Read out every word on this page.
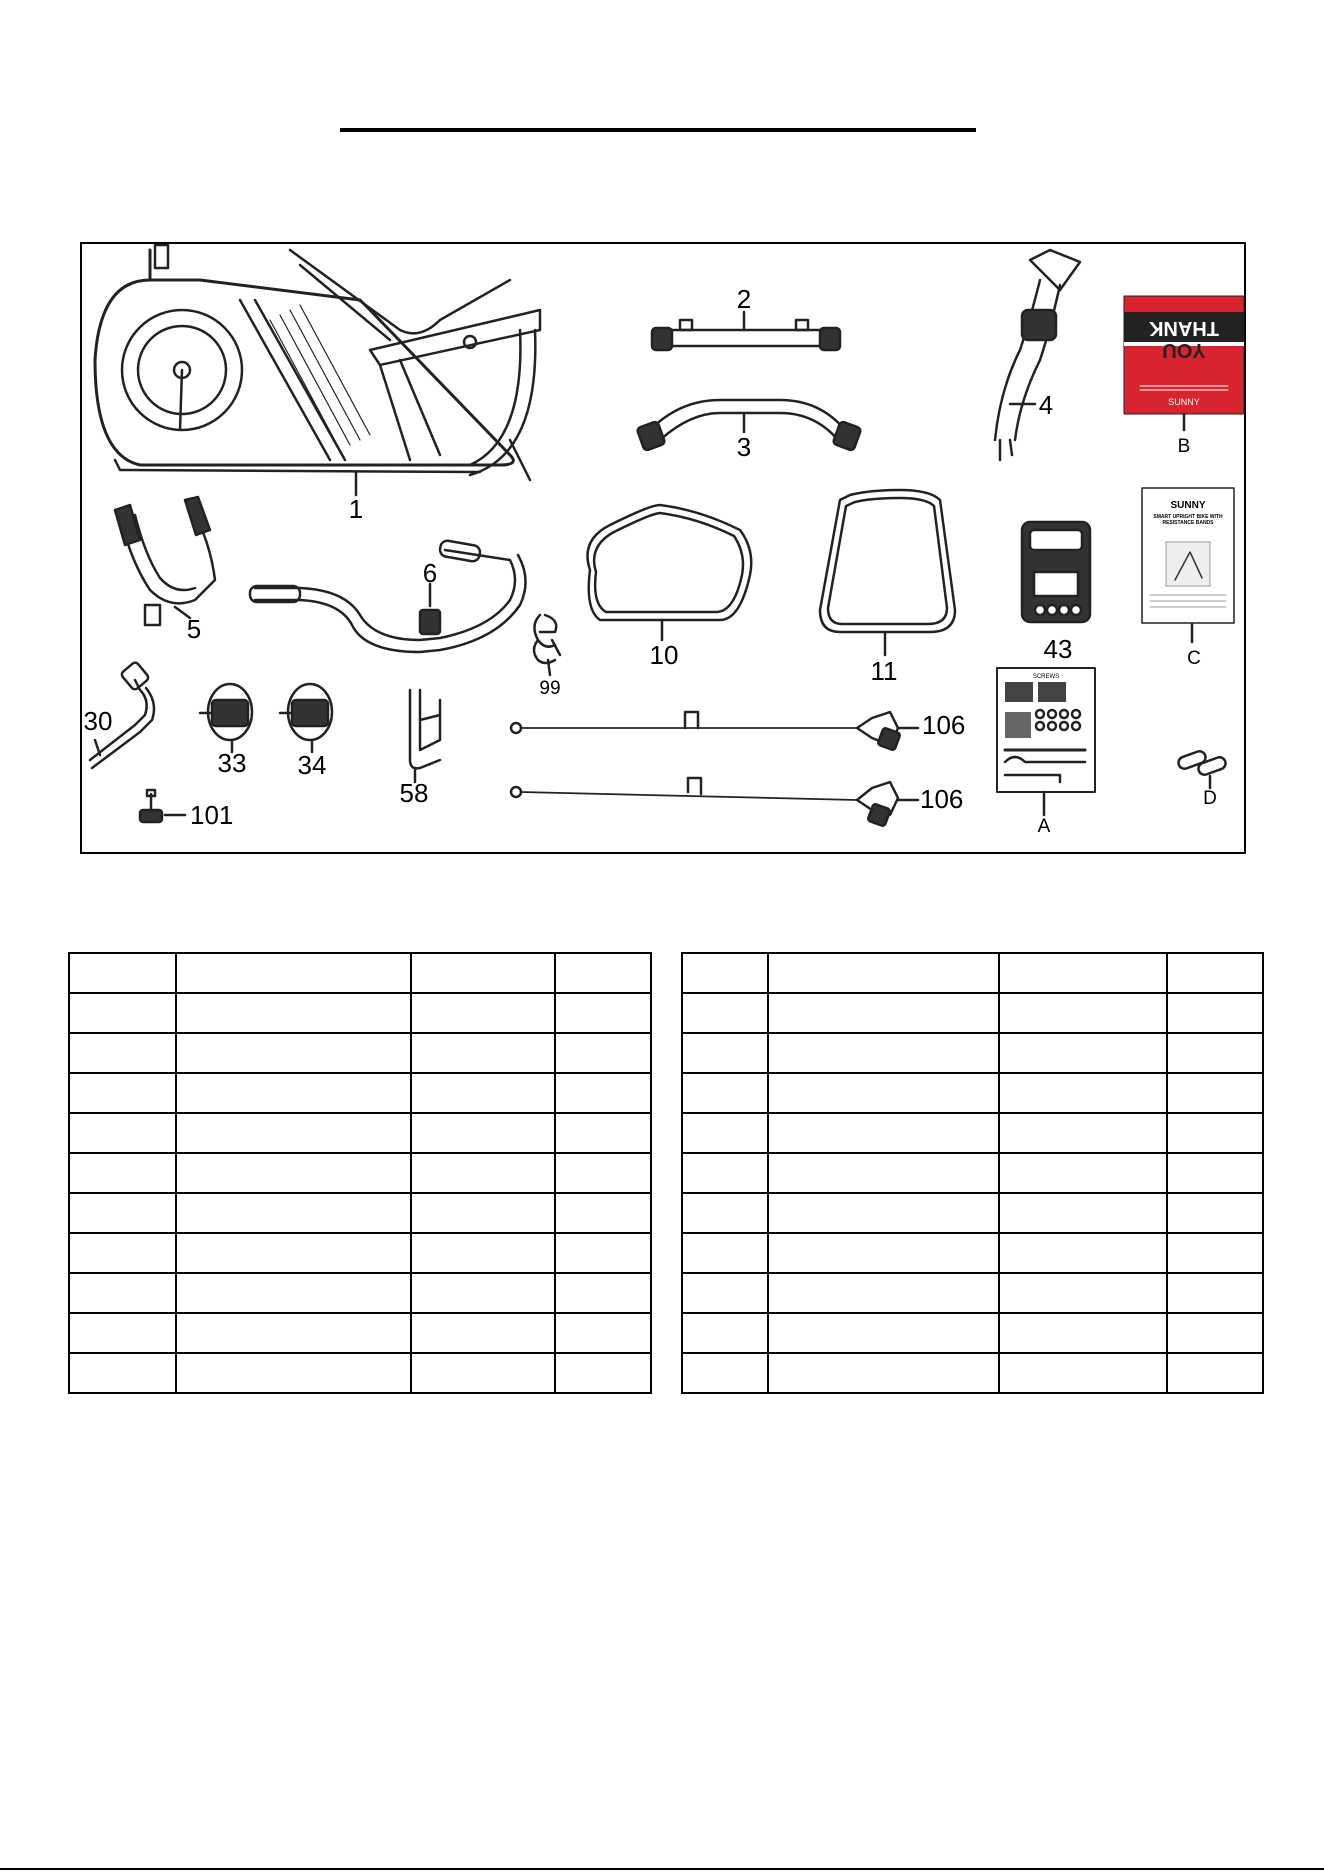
THANK
YOU
SUNNY
SUNNY
SMART UPRIGHT BIKE WITH RESISTANCE BANDS
SCREWS
1
2
3
4
5
6
10
11
30
33 34
43
58
99
101
106
106
A
B
C
D
